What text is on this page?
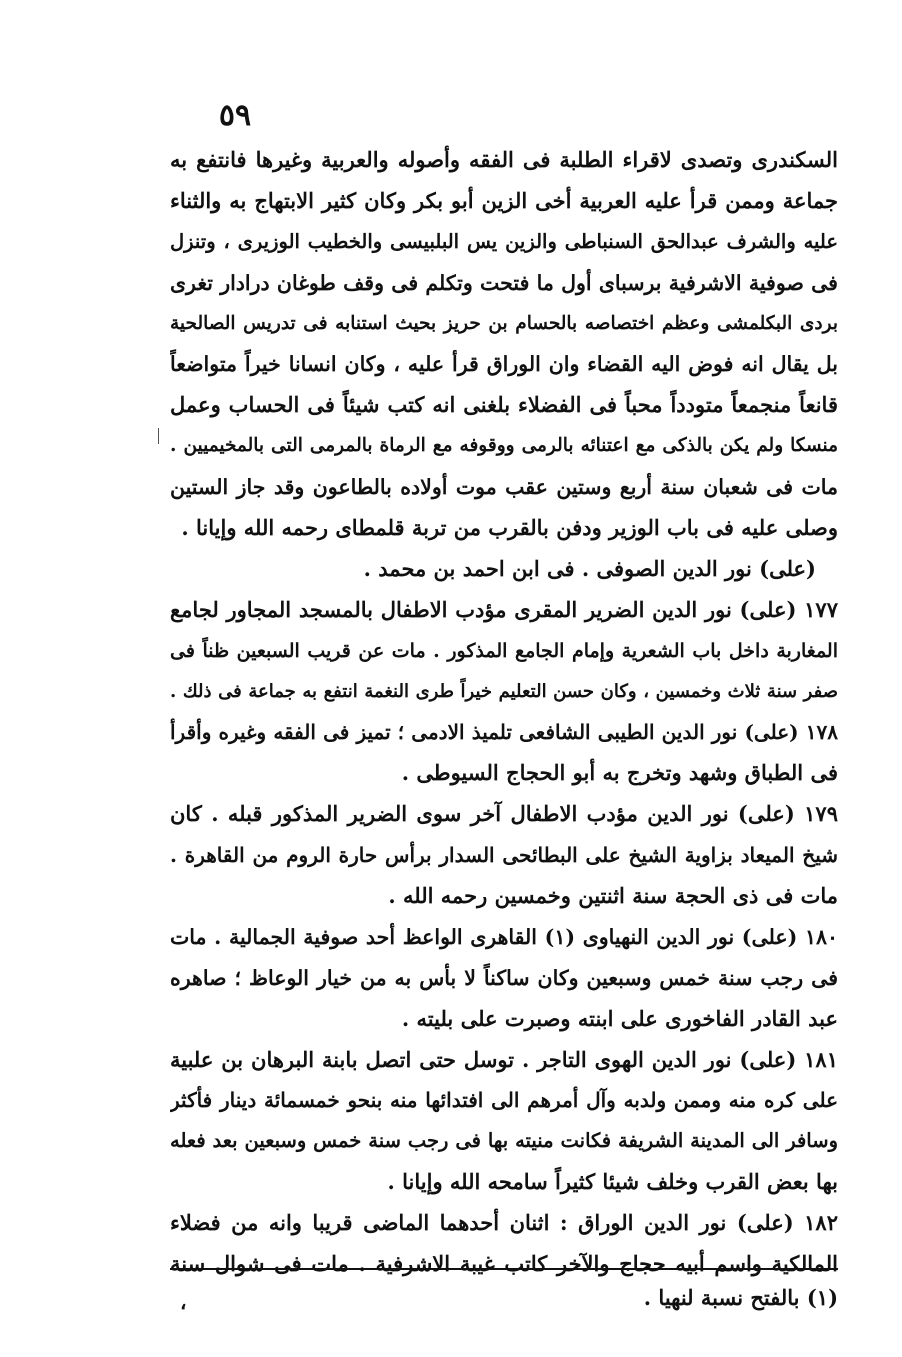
٥٩
السكندرى وتصدى لاقراء الطلبة فى الفقه وأصوله والعربية وغيرها فانتفع به
جماعة وممن قرأ عليه العربية أخى الزين أبو بكر وكان كثير الابتهاج به والثناء
عليه والشرف عبدالحق السنباطى والزين يس البلبيسى والخطيب الوزيرى ، وتنزل
فى صوفية الاشرفية برسباى أول ما فتحت وتكلم فى وقف طوغان درادار تغرى
بردى البكلمشى وعظم اختصاصه بالحسام بن حريز بحيث استنابه فى تدريس الصالحية
بل يقال انه فوض اليه القضاء وان الوراق قرأ عليه ، وكان انسانا خيراً متواضعاً
قانعاً منجمعاً متودداً محباً فى الفضلاء بلغنى انه كتب شيئاً فى الحساب وعمل
منسكا ولم يكن بالذكى مع اعتنائه بالرمى ووقوفه مع الرماة بالمرمى التى بالمخيميين .
مات فى شعبان سنة أربع وستين عقب موت أولاده بالطاعون وقد جاز الستين
وصلى عليه فى باب الوزير ودفن بالقرب من تربة قلمطاى رحمه الله وإيانا .
(على) نور الدين الصوفى . فى ابن احمد بن محمد .
١٧٧ (على) نور الدين الضرير المقرى مؤدب الاطفال بالمسجد المجاور لجامع
المغاربة داخل باب الشعرية وإمام الجامع المذكور . مات عن قريب السبعين ظناً فى
صفر سنة ثلاث وخمسين ، وكان حسن التعليم خيراً طرى النغمة انتفع به جماعة فى ذلك .
١٧٨ (على) نور الدين الطيبى الشافعى تلميذ الادمى ؛ تميز فى الفقه وغيره وأقرأ
فى الطباق وشهد وتخرج به أبو الحجاج السيوطى .
١٧٩ (على) نور الدين مؤدب الاطفال آخر سوى الضرير المذكور قبله . كان
شيخ الميعاد بزاوية الشيخ على البطائحى السدار برأس حارة الروم من القاهرة .
مات فى ذى الحجة سنة اثنتين وخمسين رحمه الله .
١٨٠ (على) نور الدين النهياوى (١) القاهرى الواعظ أحد صوفية الجمالية . مات
فى رجب سنة خمس وسبعين وكان ساكناً لا بأس به من خيار الوعاظ ؛ صاهره
عبد القادر الفاخورى على ابنته وصبرت على بليته .
١٨١ (على) نور الدين الهوى التاجر . توسل حتى اتصل بابنة البرهان بن علبية
على كره منه وممن ولدبه وآل أمرهم الى افتدائها منه بنحو خمسمائة دينار فأكثر
وسافر الى المدينة الشريفة فكانت منيته بها فى رجب سنة خمس وسبعين بعد فعله
بها بعض القرب وخلف شيئا كثيراً سامحه الله وإيانا .
١٨٢ (على) نور الدين الوراق : اثنان أحدهما الماضى قريبا وانه من فضلاء
المالكية واسم أبيه حجاج والآخر كاتب غيبة الاشرفية . مات فى شوال سنة
(١) بالفتح نسبة لنهيا .
،
